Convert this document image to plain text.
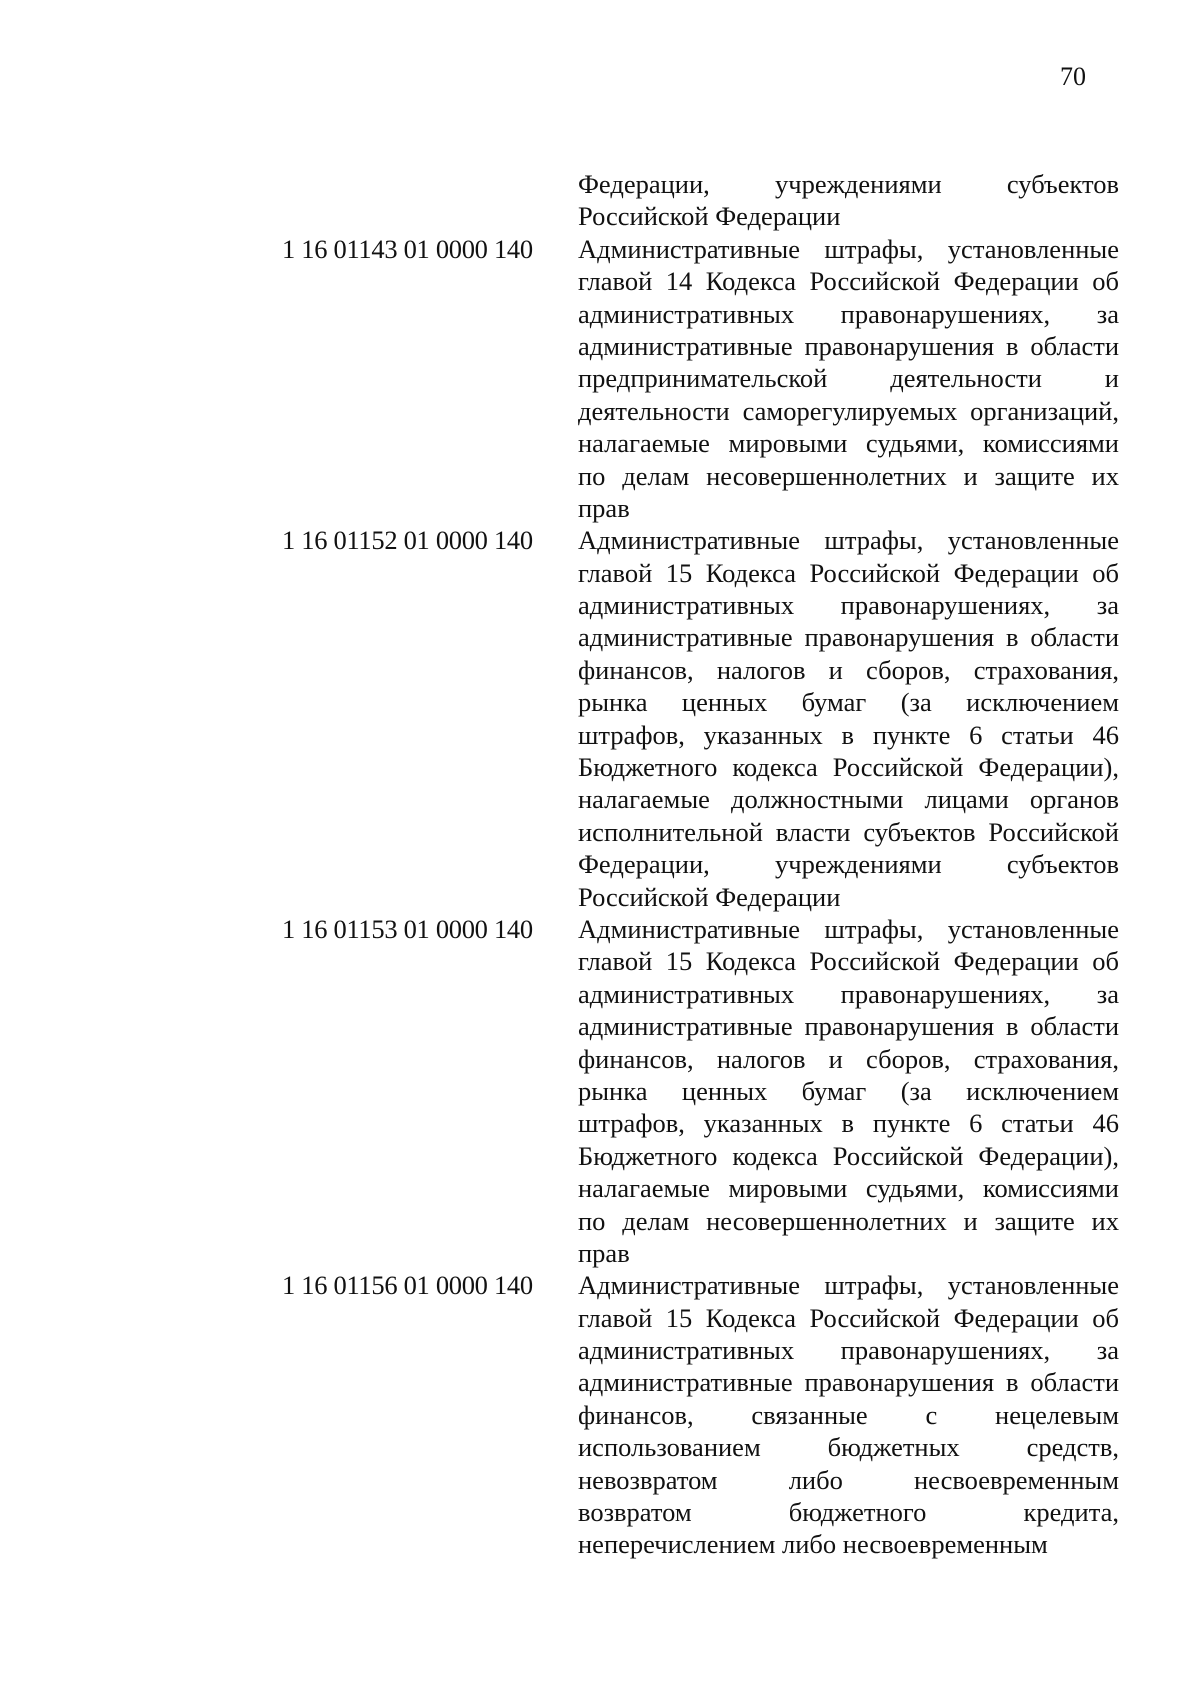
70
Федерации, учреждениями субъектов
Российской Федерации
1 16 01143 01 0000 140 Административные штрафы, установленные
главой 14 Кодекса Российской Федерации об
административных правонарушениях, за
административные правонарушения в области
предпринимательской деятельности и
деятельности саморегулируемых организаций,
налагаемые мировыми судьями, комиссиями
по делам несовершеннолетних и защите их
прав
1 16 01152 01 0000 140 Административные штрафы, установленные
главой 15 Кодекса Российской Федерации об
административных правонарушениях, за
административные правонарушения в области
финансов, налогов и сборов, страхования,
рынка ценных бумаг (за исключением
штрафов, указанных в пункте 6 статьи 46
Бюджетного кодекса Российской Федерации),
налагаемые должностными лицами органов
исполнительной власти субъектов Российской
Федерации, учреждениями субъектов
Российской Федерации
1 16 01153 01 0000 140 Административные штрафы, установленные
главой 15 Кодекса Российской Федерации об
административных правонарушениях, за
административные правонарушения в области
финансов, налогов и сборов, страхования,
рынка ценных бумаг (за исключением
штрафов, указанных в пункте 6 статьи 46
Бюджетного кодекса Российской Федерации),
налагаемые мировыми судьями, комиссиями
по делам несовершеннолетних и защите их
прав
1 16 01156 01 0000 140 Административные штрафы, установленные
главой 15 Кодекса Российской Федерации об
административных правонарушениях, за
административные правонарушения в области
финансов, связанные с нецелевым
использованием бюджетных средств,
невозвратом либо несвоевременным
возвратом бюджетного кредита,
неперечислением либо несвоевременным
